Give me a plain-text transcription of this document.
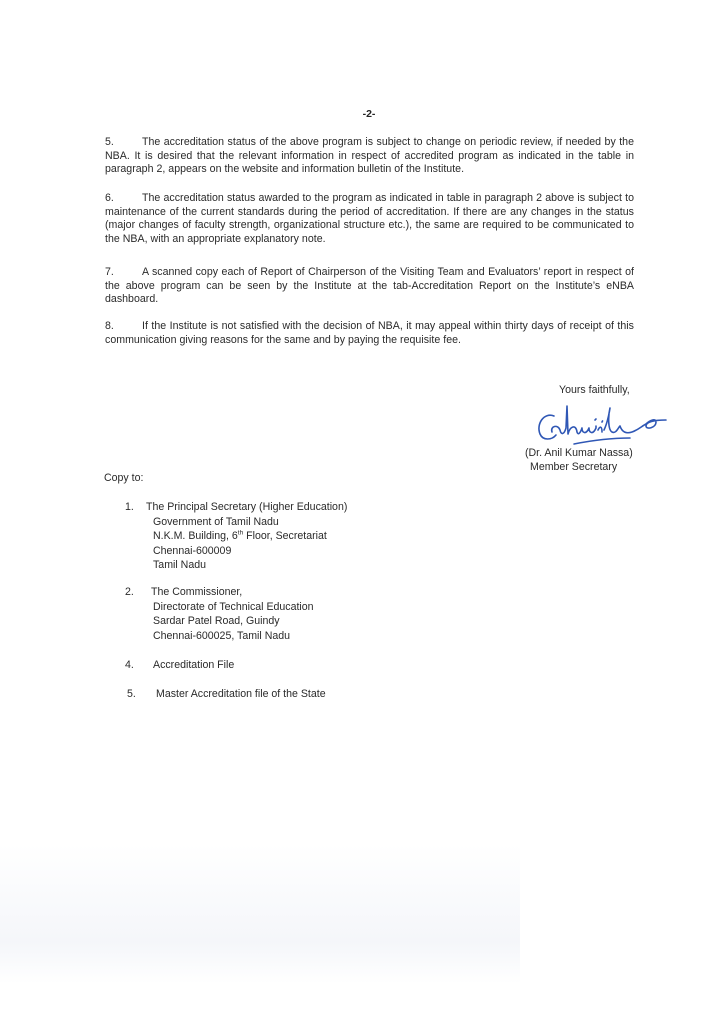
-2-
5.	The accreditation status of the above program is subject to change on periodic review, if needed by the NBA. It is desired that the relevant information in respect of accredited program as indicated in the table in paragraph 2, appears on the website and information bulletin of the Institute.
6.	The accreditation status awarded to the program as indicated in table in paragraph 2 above is subject to maintenance of the current standards during the period of accreditation. If there are any changes in the status (major changes of faculty strength, organizational structure etc.), the same are required to be communicated to the NBA, with an appropriate explanatory note.
7.	A scanned copy each of Report of Chairperson of the Visiting Team and Evaluators’ report in respect of the above program can be seen by the Institute at the tab-Accreditation Report on the Institute’s eNBA dashboard.
8.	If the Institute is not satisfied with the decision of NBA, it may appeal within thirty days of receipt of this communication giving reasons for the same and by paying the requisite fee.
Yours faithfully,
(Dr. Anil Kumar Nassa)
Member Secretary
Copy to:
1. The Principal Secretary (Higher Education)
Government of Tamil Nadu
N.K.M. Building, 6th Floor, Secretariat
Chennai-600009
Tamil Nadu
2. The Commissioner,
Directorate of Technical Education
Sardar Patel Road, Guindy
Chennai-600025, Tamil Nadu
4. Accreditation File
5. Master Accreditation file of the State
